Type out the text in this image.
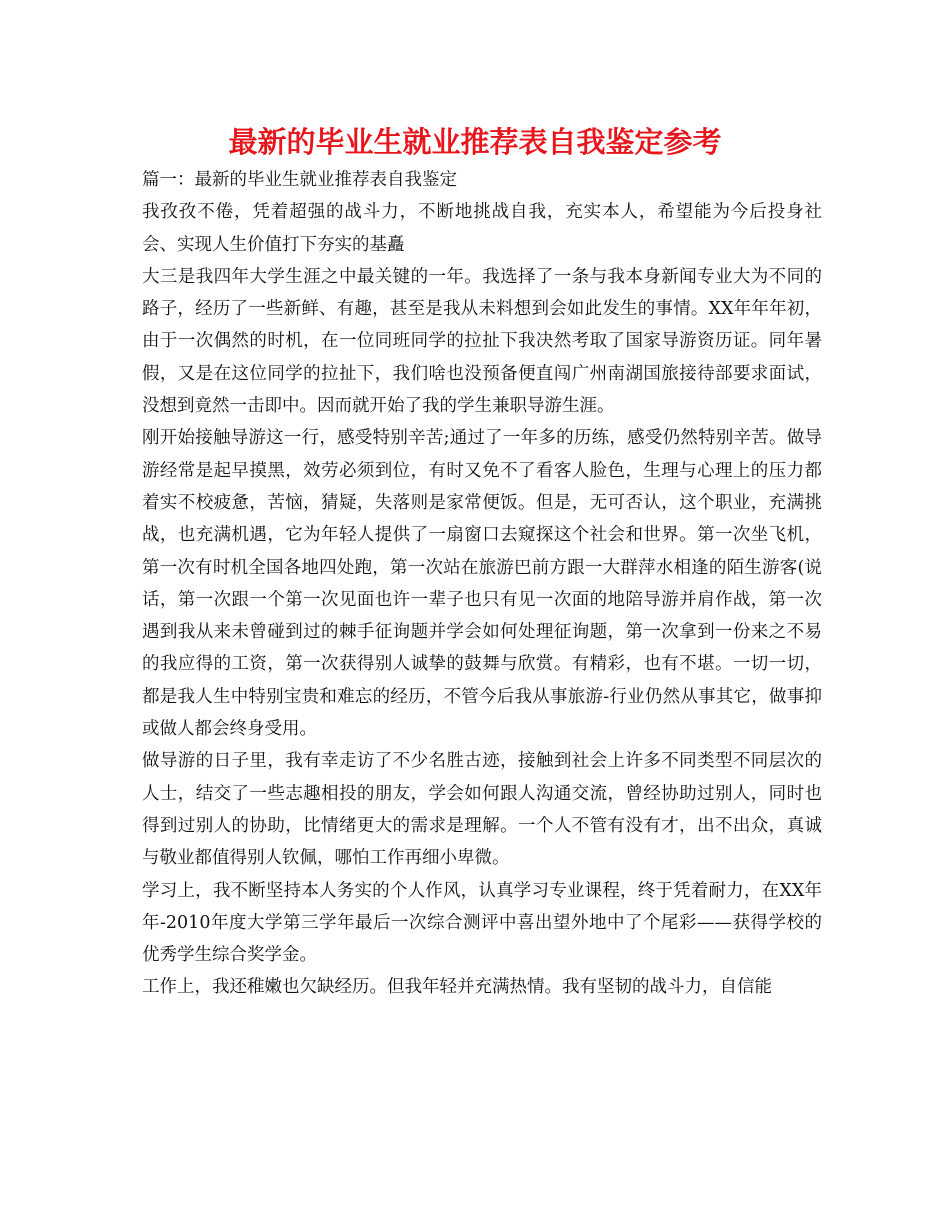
最新的毕业生就业推荐表自我鉴定参考

篇一：最新的毕业生就业推荐表自我鉴定

我孜孜不倦，凭着超强的战斗力，不断地挑战自我，充实本人，希望能为今后投身社会、实现人生价值打下夯实的基矗

大三是我四年大学生涯之中最关键的一年。我选择了一条与我本身新闻专业大为不同的路子，经历了一些新鲜、有趣，甚至是我从未料想到会如此发生的事情。XX年年年初，由于一次偶然的时机，在一位同班同学的拉扯下我决然考取了国家导游资历证。同年暑假，又是在这位同学的拉扯下，我们啥也没预备便直闯广州南湖国旅接待部要求面试，没想到竟然一击即中。因而就开始了我的学生兼职导游生涯。

刚开始接触导游这一行，感受特别辛苦;通过了一年多的历练，感受仍然特别辛苦。做导游经常是起早摸黑，效劳必须到位，有时又免不了看客人脸色，生理与心理上的压力都着实不校疲惫，苦恼，猜疑，失落则是家常便饭。但是，无可否认，这个职业，充满挑战，也充满机遇，它为年轻人提供了一扇窗口去窥探这个社会和世界。第一次坐飞机，第一次有时机全国各地四处跑，第一次站在旅游巴前方跟一大群萍水相逢的陌生游客(说话，第一次跟一个第一次见面也许一辈子也只有见一次面的地陪导游并肩作战，第一次遇到我从来未曾碰到过的棘手征询题并学会如何处理征询题，第一次拿到一份来之不易的我应得的工资，第一次获得别人诚挚的鼓舞与欣赏。有精彩，也有不堪。一切一切，都是我人生中特别宝贵和难忘的经历，不管今后我从事旅游-行业仍然从事其它，做事抑或做人都会终身受用。

做导游的日子里，我有幸走访了不少名胜古迹，接触到社会上许多不同类型不同层次的人士，结交了一些志趣相投的朋友，学会如何跟人沟通交流，曾经协助过别人，同时也得到过别人的协助，比情绪更大的需求是理解。一个人不管有没有才，出不出众，真诚与敬业都值得别人钦佩，哪怕工作再细小卑微。

学习上，我不断坚持本人务实的个人作风，认真学习专业课程，终于凭着耐力，在XX年年-2010年度大学第三学年最后一次综合测评中喜出望外地中了个尾彩——获得学校的优秀学生综合奖学金。

工作上，我还稚嫩也欠缺经历。但我年轻并充满热情。我有坚韧的战斗力，自信能
